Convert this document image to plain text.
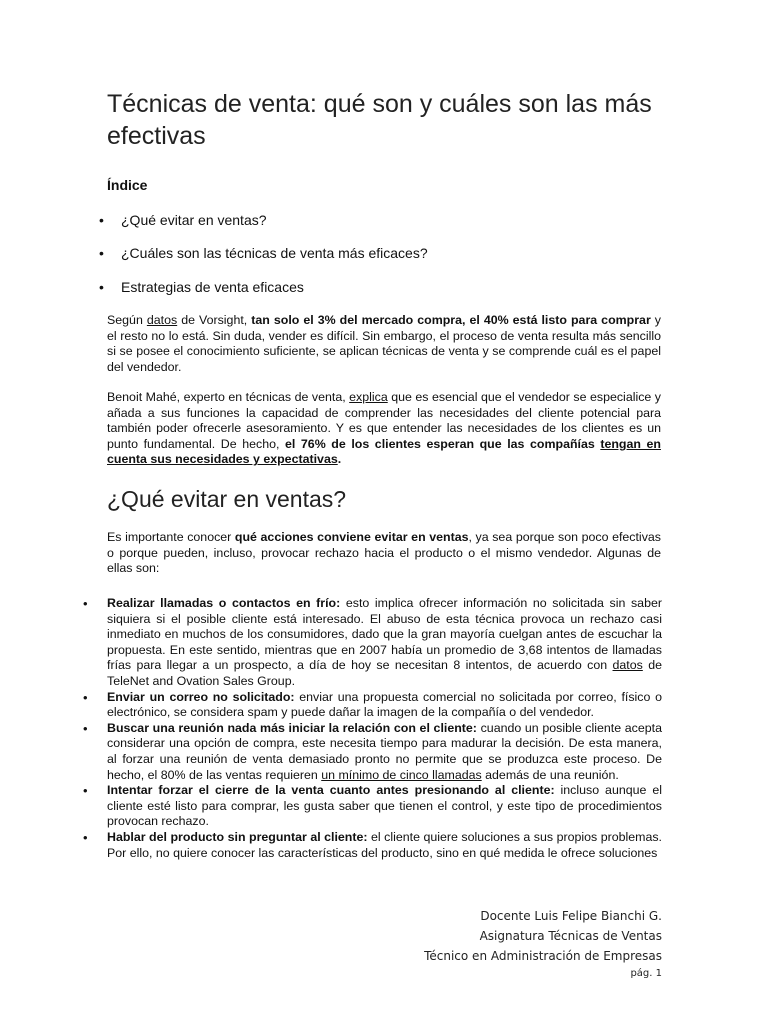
Técnicas de venta: qué son y cuáles son las más efectivas

Índice

• ¿Qué evitar en ventas?
• ¿Cuáles son las técnicas de venta más eficaces?
• Estrategias de venta eficaces

Según datos de Vorsight, tan solo el 3% del mercado compra, el 40% está listo para comprar y el resto no lo está. Sin duda, vender es difícil. Sin embargo, el proceso de venta resulta más sencillo si se posee el conocimiento suficiente, se aplican técnicas de venta y se comprende cuál es el papel del vendedor.

Benoit Mahé, experto en técnicas de venta, explica que es esencial que el vendedor se especialice y añada a sus funciones la capacidad de comprender las necesidades del cliente potencial para también poder ofrecerle asesoramiento. Y es que entender las necesidades de los clientes es un punto fundamental. De hecho, el 76% de los clientes esperan que las compañías tengan en cuenta sus necesidades y expectativas.

¿Qué evitar en ventas?

Es importante conocer qué acciones conviene evitar en ventas, ya sea porque son poco efectivas o porque pueden, incluso, provocar rechazo hacia el producto o el mismo vendedor. Algunas de ellas son:

• Realizar llamadas o contactos en frío: esto implica ofrecer información no solicitada sin saber siquiera si el posible cliente está interesado. El abuso de esta técnica provoca un rechazo casi inmediato en muchos de los consumidores, dado que la gran mayoría cuelgan antes de escuchar la propuesta. En este sentido, mientras que en 2007 había un promedio de 3,68 intentos de llamadas frías para llegar a un prospecto, a día de hoy se necesitan 8 intentos, de acuerdo con datos de TeleNet and Ovation Sales Group.
• Enviar un correo no solicitado: enviar una propuesta comercial no solicitada por correo, físico o electrónico, se considera spam y puede dañar la imagen de la compañía o del vendedor.
• Buscar una reunión nada más iniciar la relación con el cliente: cuando un posible cliente acepta considerar una opción de compra, este necesita tiempo para madurar la decisión. De esta manera, al forzar una reunión de venta demasiado pronto no permite que se produzca este proceso. De hecho, el 80% de las ventas requieren un mínimo de cinco llamadas además de una reunión.
• Intentar forzar el cierre de la venta cuanto antes presionando al cliente: incluso aunque el cliente esté listo para comprar, les gusta saber que tienen el control, y este tipo de procedimientos provocan rechazo.
• Hablar del producto sin preguntar al cliente: el cliente quiere soluciones a sus propios problemas. Por ello, no quiere conocer las características del producto, sino en qué medida le ofrece soluciones
Docente Luis Felipe Bianchi G.
Asignatura Técnicas de Ventas
Técnico en Administración de Empresas
pág. 1
